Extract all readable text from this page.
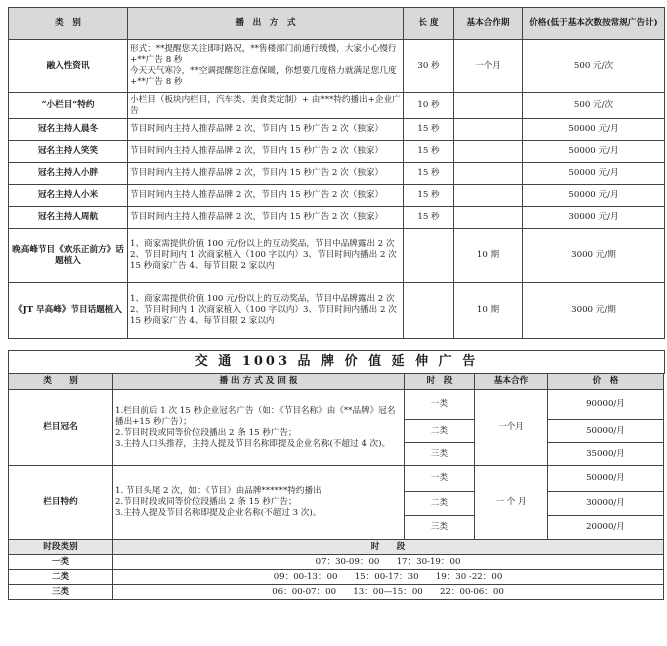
类　别	播　出　方　式	长 度	基本合作期	价格(低于基本次数按常规广告计)
融入性资讯	形式：**提醒您关注即时路况，**售楼部门前通行缓慢，大家小心慢行+**广告 8 秒
今天天气寒冷，**空调提醒您注意保暖，你想要几度格力就满足您几度+**广告 8 秒	30 秒	一个月	500 元/次
“小栏目”特约	小栏目（板块内栏目，汽车类、美食类定制）+ 由***特约播出+企业广告	10 秒		500 元/次
冠名主持人晨冬	节目时间内主持人推荐品牌 2 次，节目内 15 秒广告 2 次（独家）	15 秒		50000 元/月
冠名主持人笑笑	节目时间内主持人推荐品牌 2 次，节目内 15 秒广告 2 次（独家）	15 秒		50000 元/月
冠名主持人小胖	节目时间内主持人推荐品牌 2 次，节目内 15 秒广告 2 次（独家）	15 秒		50000 元/月
冠名主持人小米	节目时间内主持人推荐品牌 2 次，节目内 15 秒广告 2 次（独家）	15 秒		50000 元/月
冠名主持人周航	节目时间内主持人推荐品牌 2 次，节目内 15 秒广告 2 次（独家）	15 秒		30000 元/月
晚高峰节目《欢乐正前方》话题植入	1、商家需提供价值 100 元/份以上的互动奖品，节目中品牌露出 2 次
2、节目时间内 1 次商家植入（100 字以内）3、节目时间内播出 2 次 15 秒商家广告 4、每节目限 2 家以内		10 期	3000 元/期
《JT 早高峰》节目话题植入	1、商家需提供价值 100 元/份以上的互动奖品，节目中品牌露出 2 次
2、节目时间内 1 次商家植入（100 字以内）3、节目时间内播出 2 次 15 秒商家广告 4、每节目限 2 家以内		10 期	3000 元/期
交 通 1003 品 牌 价 值 延 伸 广 告
类　　别	播 出 方 式 及 回 报	时　段	基本合作	价　格
栏目冠名	1.栏目前后 1 次 15 秒企业冠名广告（如：《节目名称》由《**品牌》冠名播出+15 秒广告）；
2.节目时段或同等价位段播出 2 条 15 秒广告；
3.主持人口头推荐，主持人提及节目名称即提及企业名称(不超过 4 次)。	一类	一个月	90000/月
		二类		50000/月
		三类		35000/月
栏目特约	1. 节目头尾 2 次，如：《节目》由品牌******特约播出
2.节目时段或同等价位段播出 2 条 15 秒广告；
3.主持人提及节目名称即提及企业名称(不超过 3 次)。	一类	一 个 月	50000/月
		二类		30000/月
		三类		20000/月
时段类别	时　　段			
一类	07：30-09：00　　17：30-19：00			
二类	09：00-13：00　　15：00-17：30　　19：30 -22：00			
三类	06：00-07：00　　13：00—15：00　　22：00-06：00			
